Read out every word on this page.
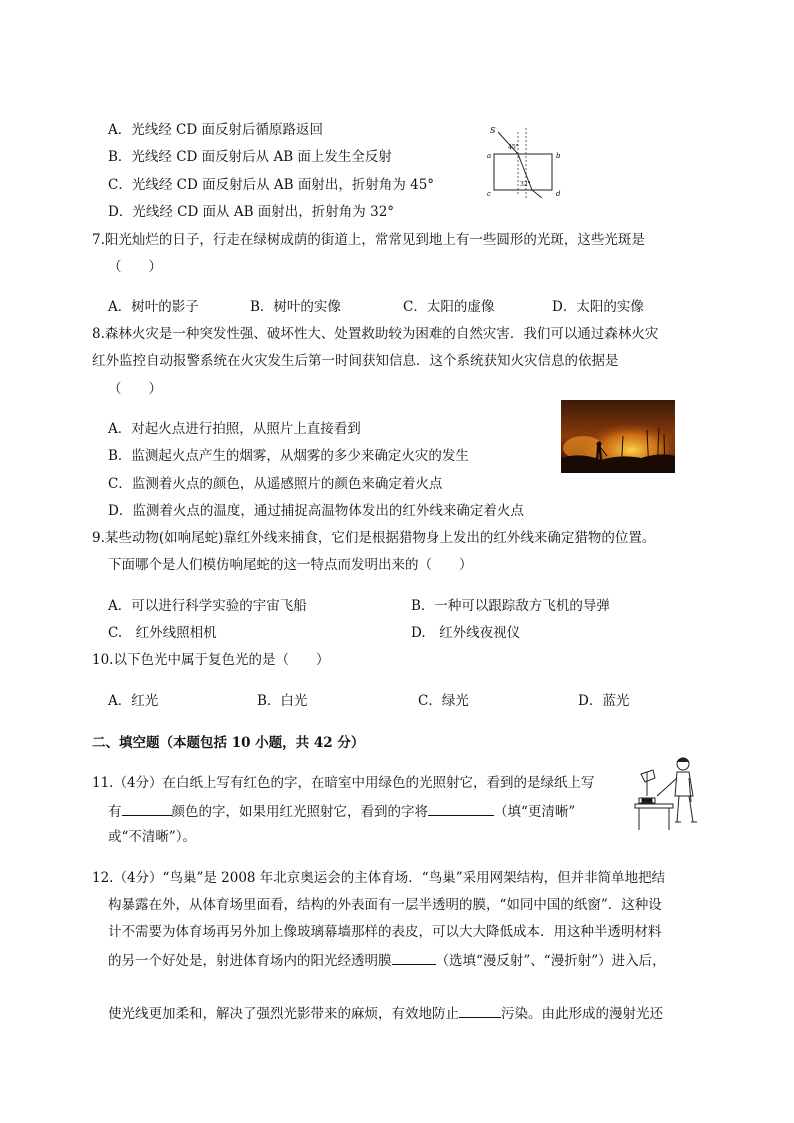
A．光线经 CD 面反射后循原路返回
B．光线经 CD 面反射后从 AB 面上发生全反射
C．光线经 CD 面反射后从 AB 面射出，折射角为 45°
D．光线经 CD 面从 AB 面射出，折射角为 32°
S
a	b
c	d
45°
32°
7.阳光灿烂的日子，行走在绿树成荫的街道上，常常见到地上有一些圆形的光斑，这些光斑是
（　　）
A．树叶的影子	B．树叶的实像	C．太阳的虚像	D．太阳的实像
8.森林火灾是一种突发性强、破坏性大、处置救助较为困难的自然灾害．我们可以通过森林火灾
红外监控自动报警系统在火灾发生后第一时间获知信息．这个系统获知火灾信息的依据是
（　　）
A．对起火点进行拍照，从照片上直接看到
B．监测起火点产生的烟雾，从烟雾的多少来确定火灾的发生
C．监测着火点的颜色，从遥感照片的颜色来确定着火点
D．监测着火点的温度，通过捕捉高温物体发出的红外线来确定着火点
9.某些动物(如响尾蛇)靠红外线来捕食，它们是根据猎物身上发出的红外线来确定猎物的位置。
下面哪个是人们模仿响尾蛇的这一特点而发明出来的（　　）
A．可以进行科学实验的宇宙飞船	B．一种可以跟踪敌方飞机的导弹
C.　红外线照相机	D.　红外线夜视仪
10.以下色光中属于复色光的是（　　）
A．红光	B．白光	C．绿光	D．蓝光
二、填空题（本题包括 10 小题，共 42 分）
11.（4分）在白纸上写有红色的字，在暗室中用绿色的光照射它，看到的是绿纸上写
有	颜色的字，如果用红光照射它，看到的字将	（填“更清晰”
或“不清晰”）。
12.（4分）“鸟巢”是 2008 年北京奥运会的主体育场．“鸟巢”采用网架结构，但并非简单地把结
构暴露在外，从体育场里面看，结构的外表面有一层半透明的膜，“如同中国的纸窗”．这种设
计不需要为体育场再另外加上像玻璃幕墙那样的表皮，可以大大降低成本．用这种半透明材料
的另一个好处是，射进体育场内的阳光经透明膜	（选填“漫反射”、“漫折射”）进入后，
使光线更加柔和，解决了强烈光影带来的麻烦，有效地防止	污染。由此形成的漫射光还
